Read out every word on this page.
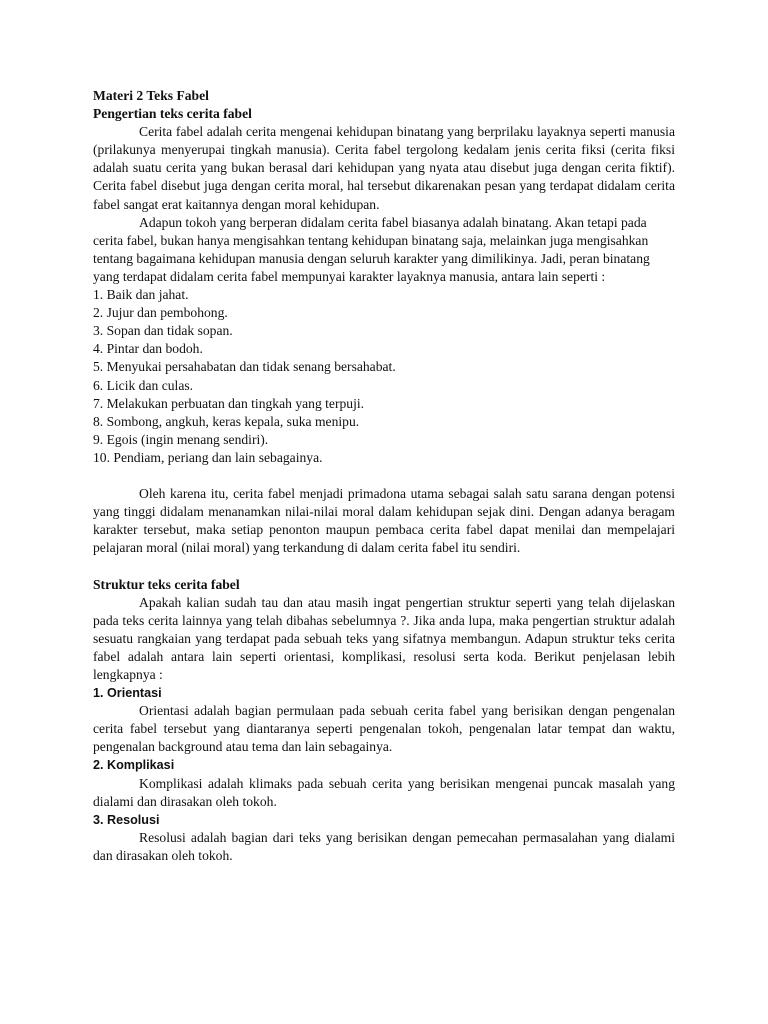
Materi 2 Teks Fabel
Pengertian teks cerita fabel

Cerita fabel adalah cerita mengenai kehidupan binatang yang berprilaku layaknya seperti manusia (prilakunya menyerupai tingkah manusia). Cerita fabel tergolong kedalam jenis cerita fiksi (cerita fiksi adalah suatu cerita yang bukan berasal dari kehidupan yang nyata atau disebut juga dengan cerita fiktif). Cerita fabel disebut juga dengan cerita moral, hal tersebut dikarenakan pesan yang terdapat didalam cerita fabel sangat erat kaitannya dengan moral kehidupan.

Adapun tokoh yang berperan didalam cerita fabel biasanya adalah binatang. Akan tetapi pada cerita fabel, bukan hanya mengisahkan tentang kehidupan binatang saja, melainkan juga mengisahkan tentang bagaimana kehidupan manusia dengan seluruh karakter yang dimilikinya. Jadi, peran binatang yang terdapat didalam cerita fabel mempunyai karakter layaknya manusia, antara lain seperti :

1. Baik dan jahat.
2. Jujur dan pembohong.
3. Sopan dan tidak sopan.
4. Pintar dan bodoh.
5. Menyukai persahabatan dan tidak senang bersahabat.
6. Licik dan culas.
7. Melakukan perbuatan dan tingkah yang terpuji.
8. Sombong, angkuh, keras kepala, suka menipu.
9. Egois (ingin menang sendiri).
10. Pendiam, periang dan lain sebagainya.

Oleh karena itu, cerita fabel menjadi primadona utama sebagai salah satu sarana dengan potensi yang tinggi didalam menanamkan nilai-nilai moral dalam kehidupan sejak dini. Dengan adanya beragam karakter tersebut, maka setiap penonton maupun pembaca cerita fabel dapat menilai dan mempelajari pelajaran moral (nilai moral) yang terkandung di dalam cerita fabel itu sendiri.

Struktur teks cerita fabel

Apakah kalian sudah tau dan atau masih ingat pengertian struktur seperti yang telah dijelaskan pada teks cerita lainnya yang telah dibahas sebelumnya ?. Jika anda lupa, maka pengertian struktur adalah sesuatu rangkaian yang terdapat pada sebuah teks yang sifatnya membangun. Adapun struktur teks cerita fabel adalah antara lain seperti orientasi, komplikasi, resolusi serta koda. Berikut penjelasan lebih lengkapnya :

1. Orientasi

Orientasi adalah bagian permulaan pada sebuah cerita fabel yang berisikan dengan pengenalan cerita fabel tersebut yang diantaranya seperti pengenalan tokoh, pengenalan latar tempat dan waktu, pengenalan background atau tema dan lain sebagainya.

2. Komplikasi

Komplikasi adalah klimaks pada sebuah cerita yang berisikan mengenai puncak masalah yang dialami dan dirasakan oleh tokoh.

3. Resolusi

Resolusi adalah bagian dari teks yang berisikan dengan pemecahan permasalahan yang dialami dan dirasakan oleh tokoh.
